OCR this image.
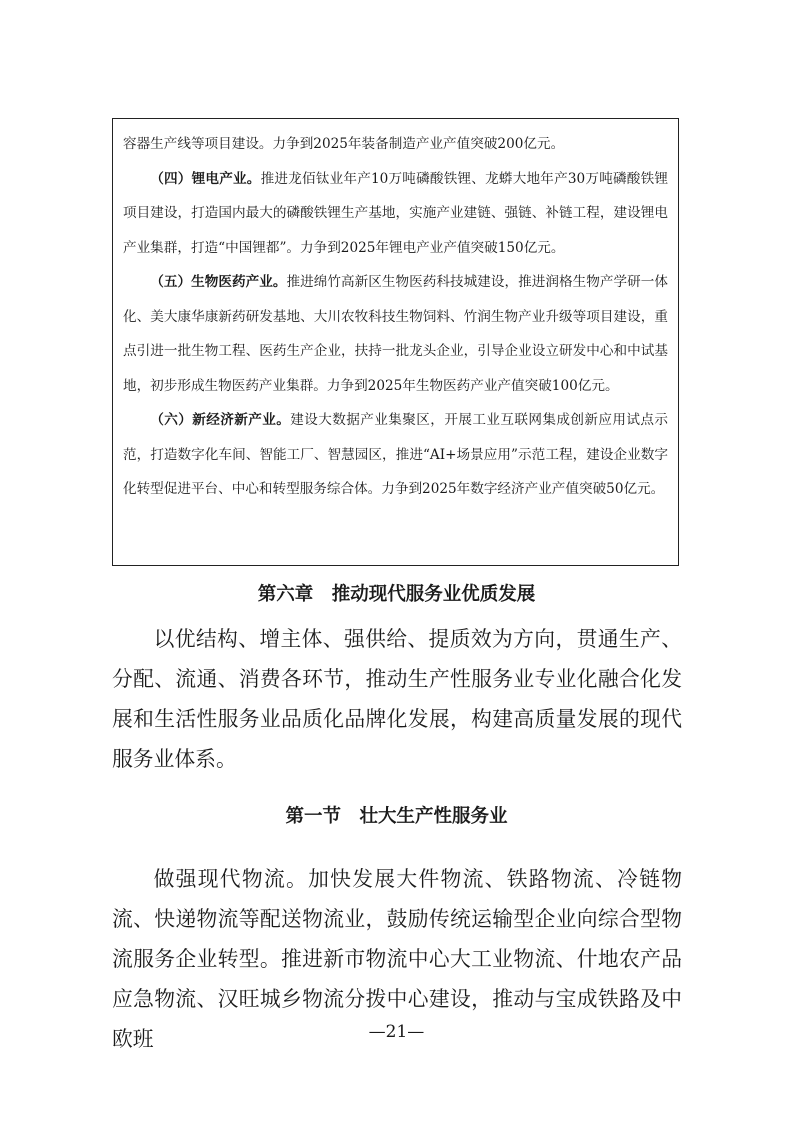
容器生产线等项目建设。力争到2025年装备制造产业产值突破200亿元。

（四）锂电产业。推进龙佰钛业年产10万吨磷酸铁锂、龙蟒大地年产30万吨磷酸铁锂项目建设，打造国内最大的磷酸铁锂生产基地，实施产业建链、强链、补链工程，建设锂电产业集群，打造“中国锂都”。力争到2025年锂电产业产值突破150亿元。

（五）生物医药产业。推进绵竹高新区生物医药科技城建设，推进润格生物产学研一体化、美大康华康新药研发基地、大川农牧科技生物饲料、竹润生物产业升级等项目建设，重点引进一批生物工程、医药生产企业，扶持一批龙头企业，引导企业设立研发中心和中试基地，初步形成生物医药产业集群。力争到2025年生物医药产业产值突破100亿元。

（六）新经济新产业。建设大数据产业集聚区，开展工业互联网集成创新应用试点示范，打造数字化车间、智能工厂、智慧园区，推进“AI+场景应用”示范工程，建设企业数字化转型促进平台、中心和转型服务综合体。力争到2025年数字经济产业产值突破50亿元。

第六章　推动现代服务业优质发展

以优结构、增主体、强供给、提质效为方向，贯通生产、分配、流通、消费各环节，推动生产性服务业专业化融合化发展和生活性服务业品质化品牌化发展，构建高质量发展的现代服务业体系。

第一节　壮大生产性服务业

做强现代物流。加快发展大件物流、铁路物流、冷链物流、快递物流等配送物流业，鼓励传统运输型企业向综合型物流服务企业转型。推进新市物流中心大工业物流、什地农产品应急物流、汉旺城乡物流分拨中心建设，推动与宝成铁路及中欧班	—21—
